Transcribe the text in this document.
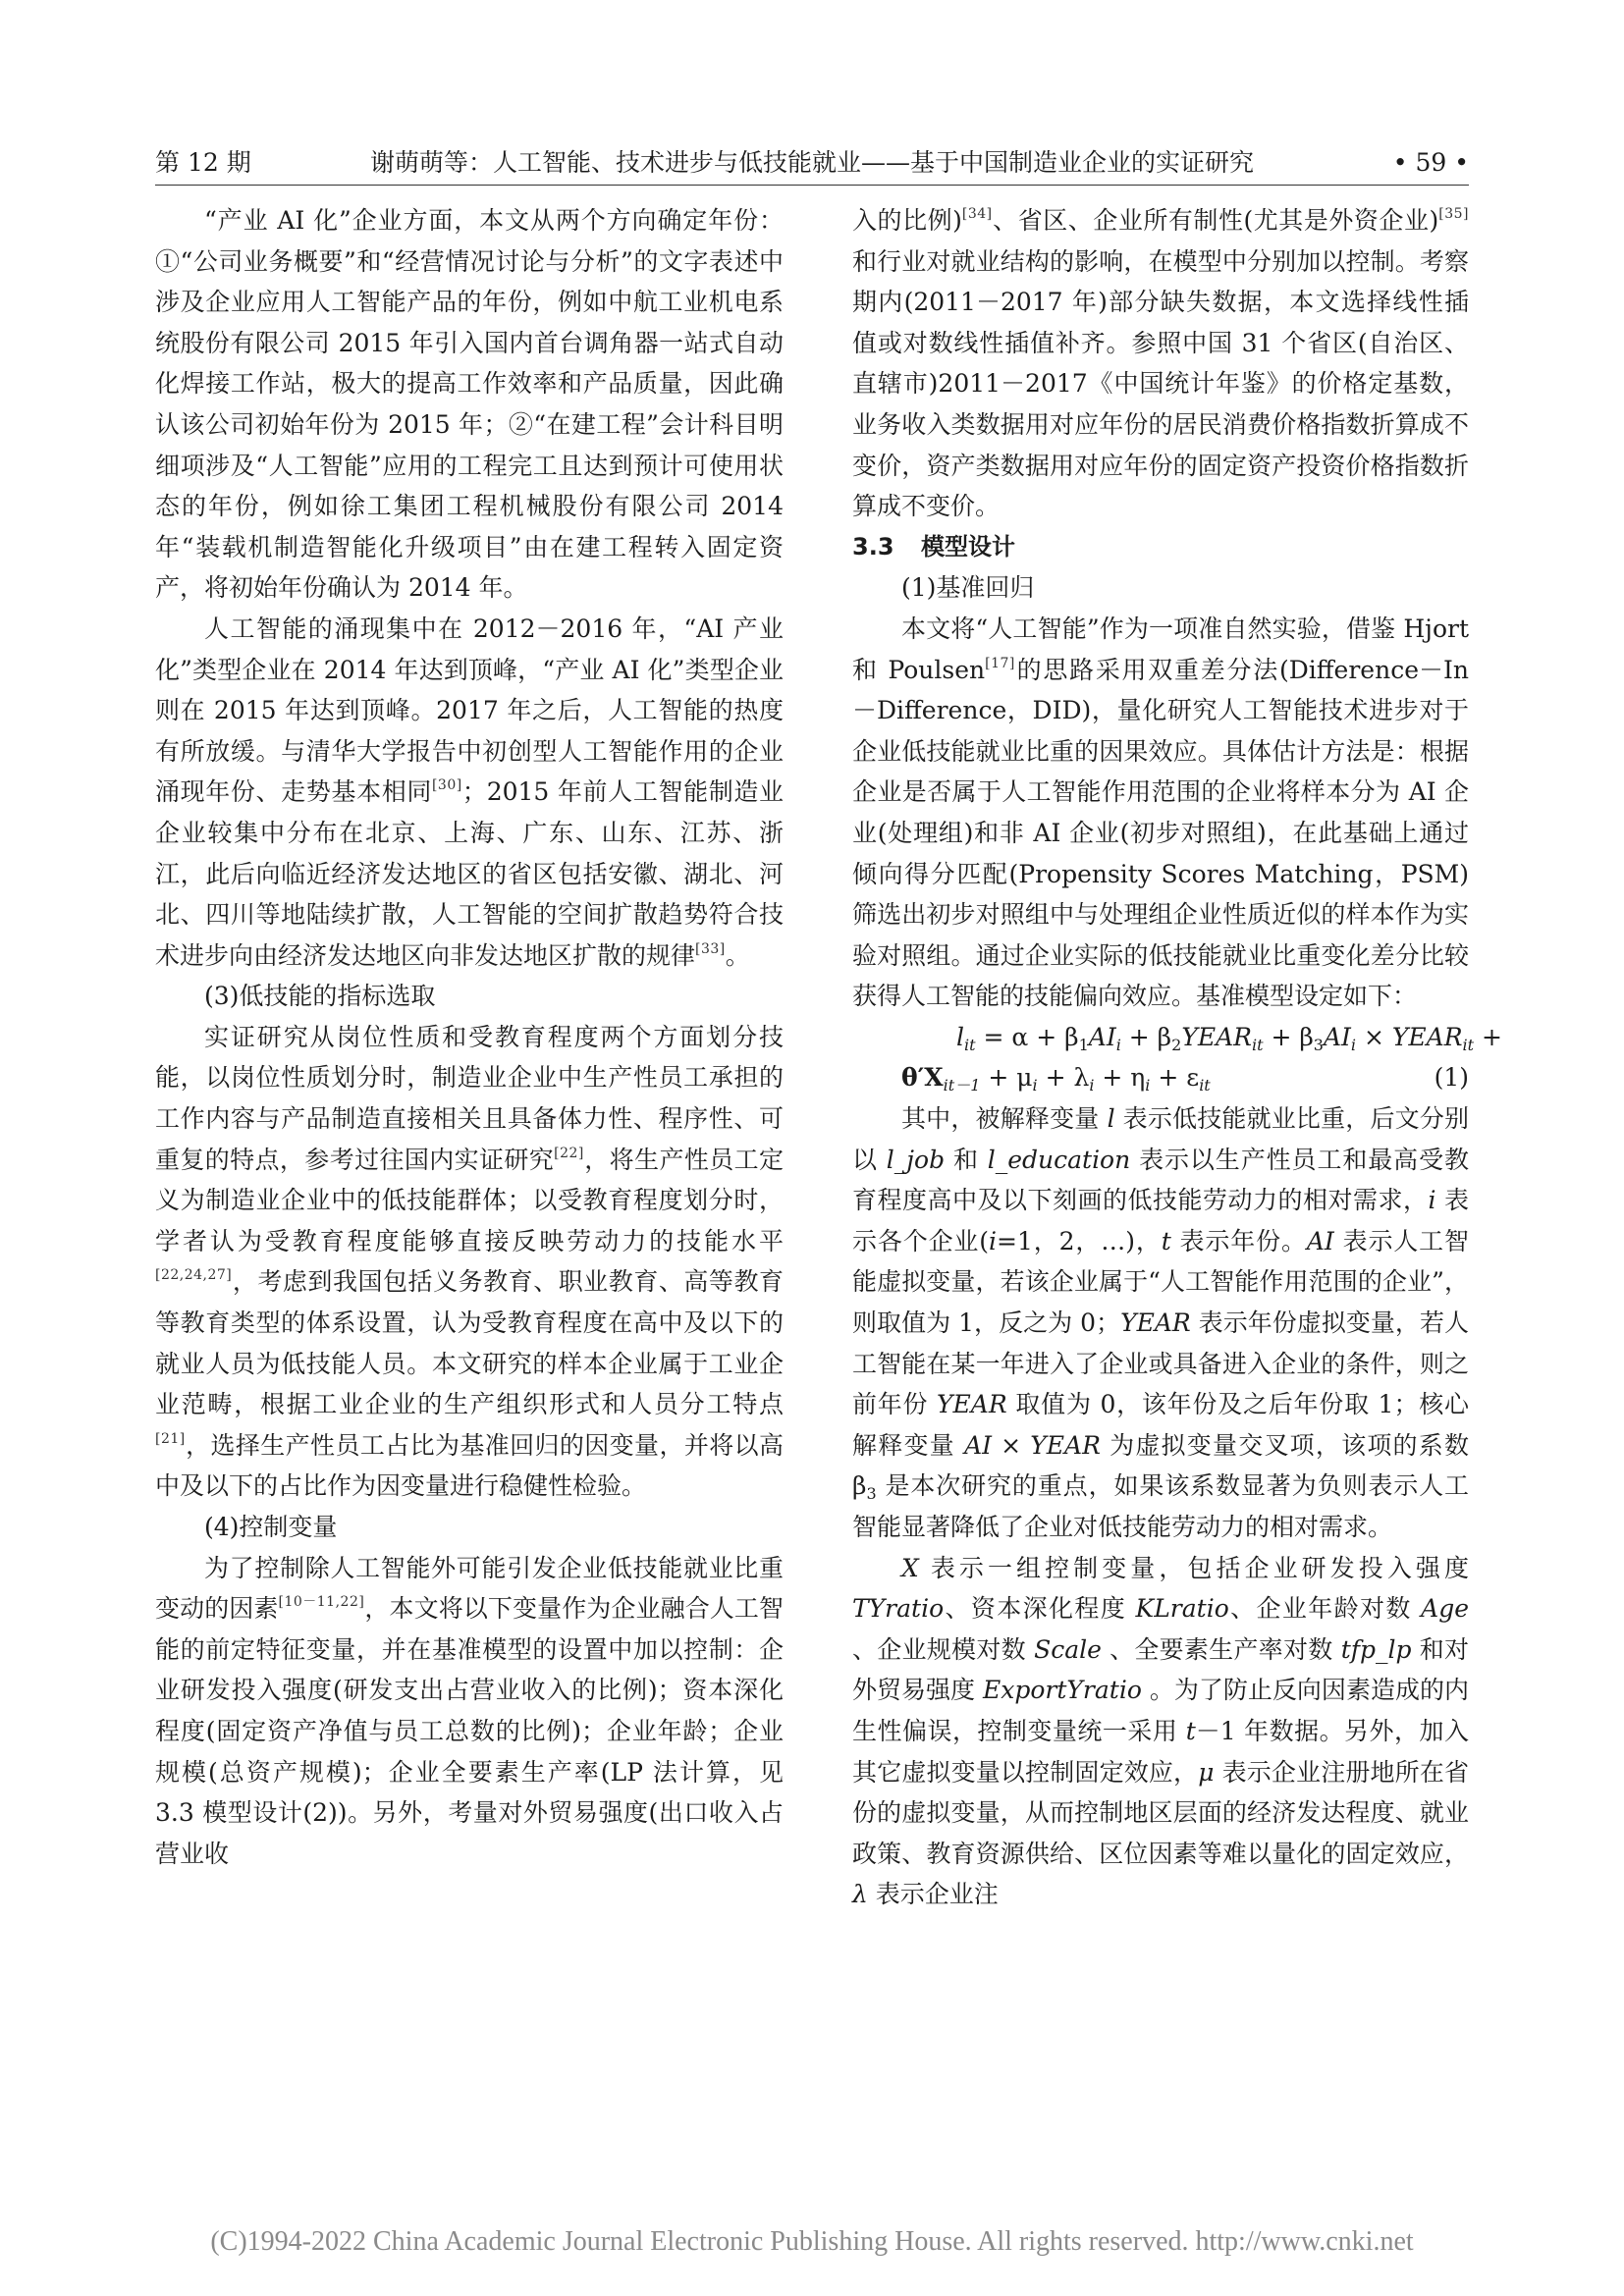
第 12 期	谢萌萌等：人工智能、技术进步与低技能就业——基于中国制造业企业的实证研究	• 59 •

“产业 AI 化”企业方面，本文从两个方向确定年份：①“公司业务概要”和“经营情况讨论与分析”的文字表述中涉及企业应用人工智能产品的年份，例如中航工业机电系统股份有限公司 2015 年引入国内首台调角器一站式自动化焊接工作站，极大的提高工作效率和产品质量，因此确认该公司初始年份为 2015 年；②“在建工程”会计科目明细项涉及“人工智能”应用的工程完工且达到预计可使用状态的年份，例如徐工集团工程机械股份有限公司 2014 年“装载机制造智能化升级项目”由在建工程转入固定资产，将初始年份确认为 2014 年。

人工智能的涌现集中在 2012－2016 年，“AI 产业化”类型企业在 2014 年达到顶峰，“产业 AI 化”类型企业则在 2015 年达到顶峰。2017 年之后，人工智能的热度有所放缓。与清华大学报告中初创型人工智能作用的企业涌现年份、走势基本相同[30]；2015 年前人工智能制造业企业较集中分布在北京、上海、广东、山东、江苏、浙江，此后向临近经济发达地区的省区包括安徽、湖北、河北、四川等地陆续扩散，人工智能的空间扩散趋势符合技术进步向由经济发达地区向非发达地区扩散的规律[33]。

(3)低技能的指标选取

实证研究从岗位性质和受教育程度两个方面划分技能，以岗位性质划分时，制造业企业中生产性员工承担的工作内容与产品制造直接相关且具备体力性、程序性、可重复的特点，参考过往国内实证研究[22]，将生产性员工定义为制造业企业中的低技能群体；以受教育程度划分时，学者认为受教育程度能够直接反映劳动力的技能水平[22,24,27]，考虑到我国包括义务教育、职业教育、高等教育等教育类型的体系设置，认为受教育程度在高中及以下的就业人员为低技能人员。本文研究的样本企业属于工业企业范畴，根据工业企业的生产组织形式和人员分工特点[21]，选择生产性员工占比为基准回归的因变量，并将以高中及以下的占比作为因变量进行稳健性检验。

(4)控制变量

为了控制除人工智能外可能引发企业低技能就业比重变动的因素[10－11,22]，本文将以下变量作为企业融合人工智能的前定特征变量，并在基准模型的设置中加以控制：企业研发投入强度(研发支出占营业收入的比例)；资本深化程度(固定资产净值与员工总数的比例)；企业年龄；企业规模(总资产规模)；企业全要素生产率(LP 法计算，见 3.3 模型设计(2))。另外，考量对外贸易强度(出口收入占营业收

入的比例)[34]、省区、企业所有制性(尤其是外资企业)[35]和行业对就业结构的影响，在模型中分别加以控制。考察期内(2011－2017 年)部分缺失数据，本文选择线性插值或对数线性插值补齐。参照中国 31 个省区(自治区、直辖市)2011－2017《中国统计年鉴》的价格定基数，业务收入类数据用对应年份的居民消费价格指数折算成不变价，资产类数据用对应年份的固定资产投资价格指数折算成不变价。

3.3 模型设计
(1)基准回归

本文将“人工智能”作为一项准自然实验，借鉴 Hjort 和 Poulsen[17]的思路采用双重差分法(Difference－In－Difference，DID)，量化研究人工智能技术进步对于企业低技能就业比重的因果效应。具体估计方法是：根据企业是否属于人工智能作用范围的企业将样本分为 AI 企业(处理组)和非 AI 企业(初步对照组)，在此基础上通过倾向得分匹配(Propensity Scores Matching，PSM)筛选出初步对照组中与处理组企业性质近似的样本作为实验对照组。通过企业实际的低技能就业比重变化差分比较获得人工智能的技能偏向效应。基准模型设定如下：

$l_{it} = \alpha + \beta_1AI_i$ + $\beta_2YEAR_{it} + \beta_3AI_i$ × $YEAR_{it}$ +

$\theta'X_{it-1} + \mu_i + \lambda_i + \eta_i + \varepsilon_{it}$	(1)

其中，被解释变量 l 表示低技能就业比重，后文分别以 l_job 和 l_education 表示以生产性员工和最高受教育程度高中及以下刻画的低技能劳动力的相对需求，i 表示各个企业(i=1，2，…)，t 表示年份。AI 表示人工智能虚拟变量，若该企业属于“人工智能作用范围的企业”，则取值为 1，反之为 0；YEAR 表示年份虚拟变量，若人工智能在某一年进入了企业或具备进入企业的条件，则之前年份 YEAR 取值为 0，该年份及之后年份取 1；核心解释变量 AI × YEAR 为虚拟变量交叉项，该项的系数 $\beta_3$ 是本次研究的重点，如果该系数显著为负则表示人工智能显著降低了企业对低技能劳动力的相对需求。

X 表示一组控制变量，包括企业研发投入强度 TYratio、资本深化程度 KLratio、企业年龄对数 Age 、企业规模对数 Scale 、全要素生产率对数 tfp_lp 和对外贸易强度 ExportYratio 。为了防止反向因素造成的内生性偏误，控制变量统一采用 t－1 年数据。另外，加入其它虚拟变量以控制固定效应，μ 表示企业注册地所在省份的虚拟变量，从而控制地区层面的经济发达程度、就业政策、教育资源供给、区位因素等难以量化的固定效应，λ 表示企业注

(C)1994-2022 China Academic Journal Electronic Publishing House. All rights reserved. http://www.cnki.net
